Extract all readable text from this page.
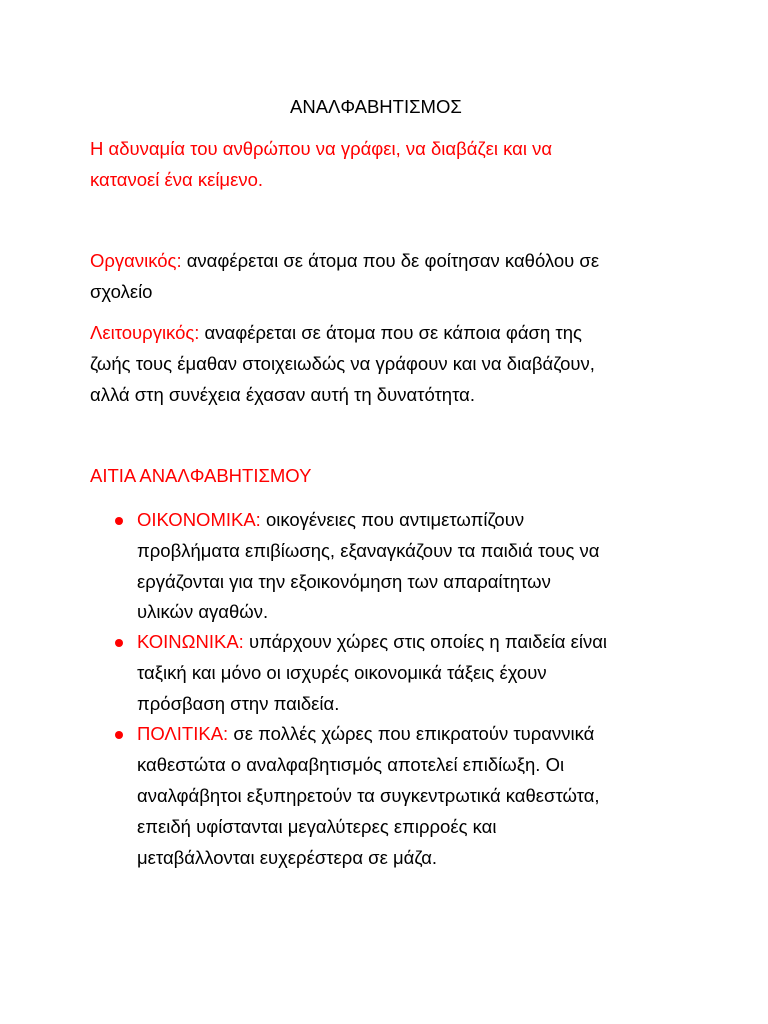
ΑΝΑΛΦΑΒΗΤΙΣΜΟΣ
Η αδυναμία του ανθρώπου να γράφει, να διαβάζει και να
κατανοεί ένα κείμενο.
Οργανικός: αναφέρεται σε άτομα που δε φοίτησαν καθόλου σε
σχολείο
Λειτουργικός: αναφέρεται σε άτομα που σε κάποια φάση της
ζωής τους έμαθαν στοιχειωδώς να γράφουν και να διαβάζουν,
αλλά στη συνέχεια έχασαν αυτή τη δυνατότητα.
ΑΙΤΙΑ ΑΝΑΛΦΑΒΗΤΙΣΜΟΥ
ΟΙΚΟΝΟΜΙΚΑ: οικογένειες που αντιμετωπίζουν
προβλήματα επιβίωσης, εξαναγκάζουν τα παιδιά τους να
εργάζονται για την εξοικονόμηση των απαραίτητων
υλικών αγαθών.
ΚΟΙΝΩΝΙΚΑ: υπάρχουν χώρες στις οποίες η παιδεία είναι
ταξική και μόνο οι ισχυρές οικονομικά τάξεις έχουν
πρόσβαση στην παιδεία.
ΠΟΛΙΤΙΚΑ: σε πολλές χώρες που επικρατούν τυραννικά
καθεστώτα ο αναλφαβητισμός αποτελεί επιδίωξη. Οι
αναλφάβητοι εξυπηρετούν τα συγκεντρωτικά καθεστώτα,
επειδή υφίστανται μεγαλύτερες επιρροές και
μεταβάλλονται ευχερέστερα σε μάζα.
